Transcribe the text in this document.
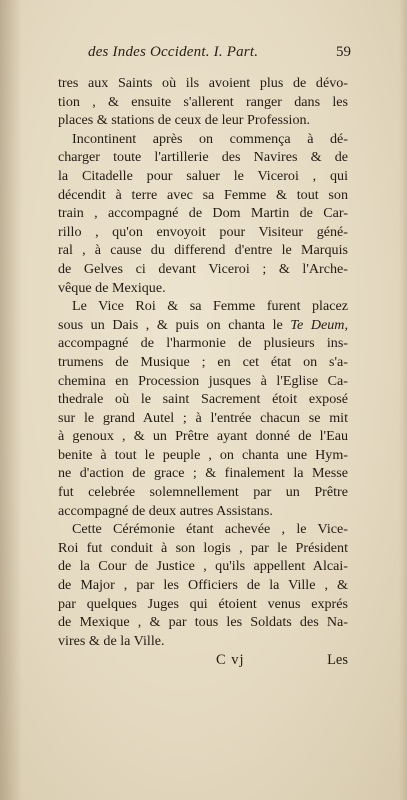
des Indes Occident. I. Part.	59
tres aux Saints où ils avoient plus de dévo-
tion , & ensuite s'allerent ranger dans les
places & stations de ceux de leur Profession.
Incontinent après on commença à dé-
charger toute l'artillerie des Navires & de
la Citadelle pour saluer le Viceroi , qui
décendit à terre avec sa Femme & tout son
train , accompagné de Dom Martin de Car-
rillo , qu'on envoyoit pour Visiteur géné-
ral , à cause du differend d'entre le Marquis
de Gelves ci devant Viceroi ; & l'Arche-
vêque de Mexique.
Le Vice Roi & sa Femme furent placez
sous un Dais , & puis on chanta le Te Deum,
accompagné de l'harmonie de plusieurs ins-
trumens de Musique ; en cet état on s'a-
chemina en Procession jusques à l'Eglise Ca-
thedrale où le saint Sacrement étoit exposé
sur le grand Autel ; à l'entrée chacun se mit
à genoux , & un Prêtre ayant donné de l'Eau
benite à tout le peuple , on chanta une Hym-
ne d'action de grace ; & finalement la Messe
fut celebrée solemnellement par un Prêtre
accompagné de deux autres Assistans.
Cette Cérémonie étant achevée , le Vice-
Roi fut conduit à son logis , par le Président
de la Cour de Justice , qu'ils appellent Alcai-
de Major , par les Officiers de la Ville , &
par quelques Juges qui étoient venus exprés
de Mexique , & par tous les Soldats des Na-
vires & de la Ville.
C vj	Les
